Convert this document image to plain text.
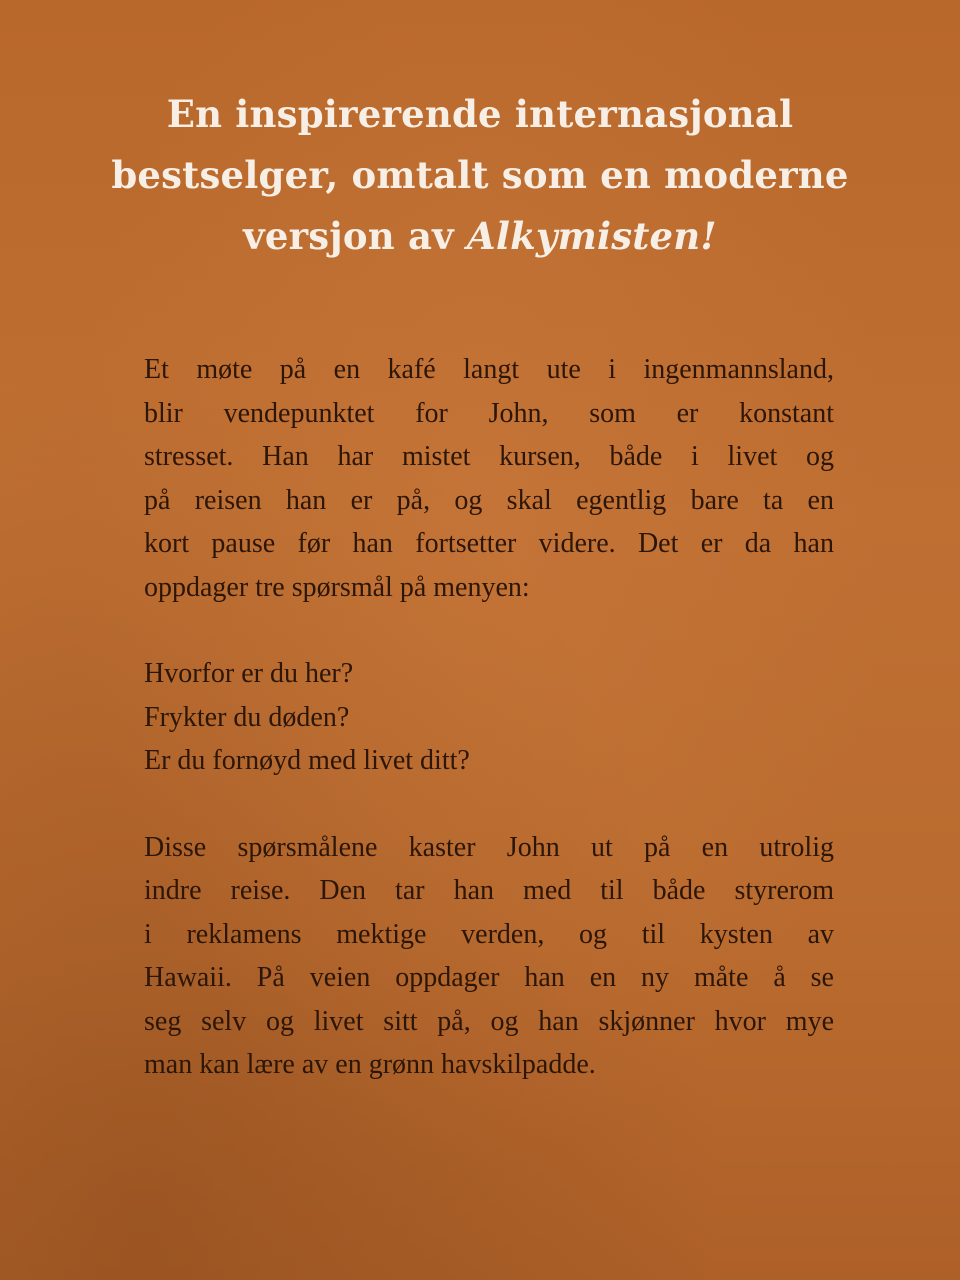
En inspirerende internasjonal
bestselger, omtalt som en moderne
versjon av Alkymisten!

Et møte på en kafé langt ute i ingenmannsland,
blir vendepunktet for John, som er konstant
stresset. Han har mistet kursen, både i livet og
på reisen han er på, og skal egentlig bare ta en
kort pause før han fortsetter videre. Det er da han
oppdager tre spørsmål på menyen:

Hvorfor er du her?
Frykter du døden?
Er du fornøyd med livet ditt?

Disse spørsmålene kaster John ut på en utrolig
indre reise. Den tar han med til både styrerom
i reklamens mektige verden, og til kysten av
Hawaii. På veien oppdager han en ny måte å se
seg selv og livet sitt på, og han skjønner hvor mye
man kan lære av en grønn havskilpadde.
